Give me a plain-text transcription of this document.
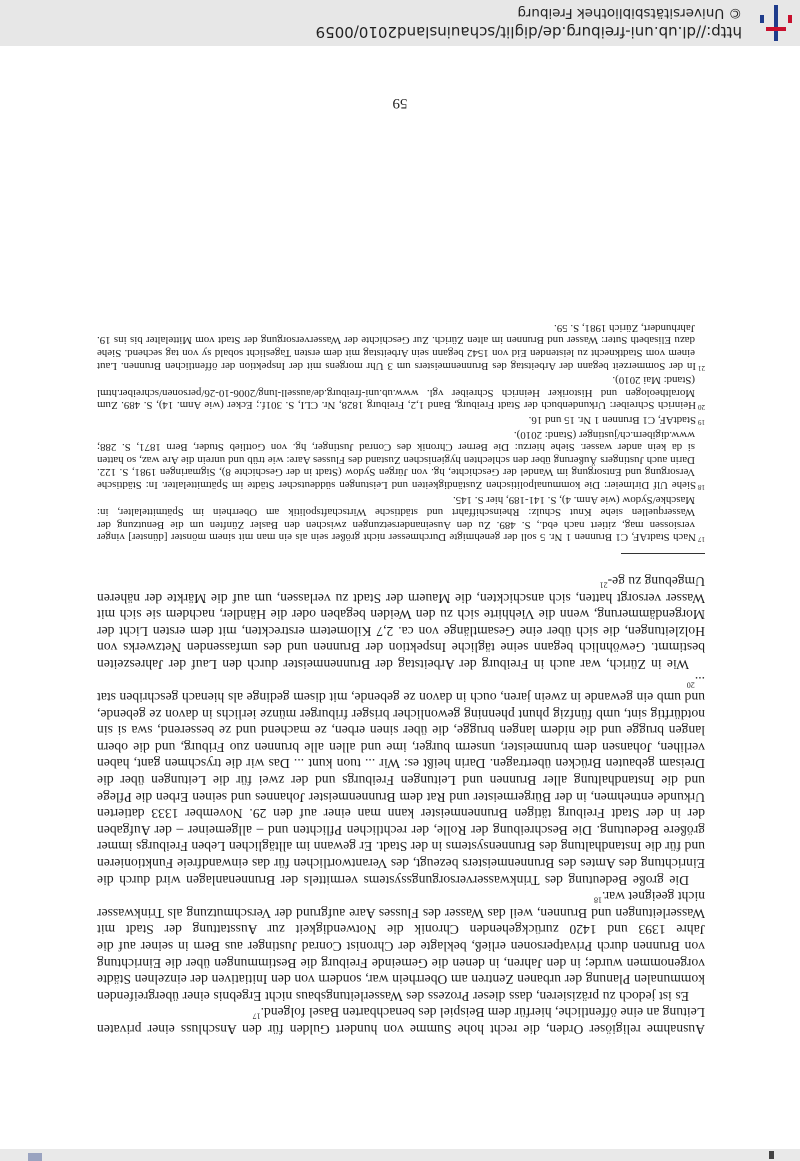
Ausnahme religiöser Orden, die recht hohe Summe von hundert Gulden für den Anschluss einer privaten Leitung an eine öffentliche, hierfür dem Beispiel des benachbarten Basel folgend.$^{17}$

Es ist jedoch zu präzisieren, dass dieser Prozess des Wasserleitungsbaus nicht Ergebnis einer übergreifenden kommunalen Planung der urbanen Zentren am Oberrhein war, sondern von den Initiativen der einzelnen Städte vorgenommen wurde; in den Jahren, in denen die Gemeinde Freiburg die Bestimmungen über die Einrichtung von Brunnen durch Privatpersonen erließ, beklagte der Chronist Conrad Justinger aus Bern in seiner auf die Jahre 1393 und 1420 zurückgehenden Chronik die Notwendigkeit zur Ausstattung der Stadt mit Wasserleitungen und Brunnen, weil das Wasser des Flusses Aare aufgrund der Verschmutzung als Trinkwasser nicht geeignet war.$^{18}$

Die große Bedeutung des Trinkwasserversorgungssystems vermittels der Brunnenanlagen wird durch die Einrichtung des Amtes des Brunnenmeisters bezeugt, des Verantwortlichen für das einwandfreie Funktionieren und für die Instandhaltung des Brunnensystems in der Stadt. Er gewann im alltäglichen Leben Freiburgs immer größere Bedeutung. Die Beschreibung der Rolle, der rechtlichen Pflichten und – allgemeiner – der Aufgaben der in der Stadt Freiburg tätigen Brunnenmeister kann man einer auf den 29. November 1333 datierten Urkunde entnehmen, in der Bürgermeister und Rat dem Brunnenmeister Johannes und seinen Erben die Pflege und die Instandhaltung aller Brunnen und Leitungen Freiburgs und der zwei für die Leitungen über die Dreisam gebauten Brücken übertragen. Darin heißt es: Wir ... tuon kunt ... Das wir die tryschmen gant, haben verlihen, Johansen dem brunmeister, unserm burger, ime und allen alle brunnen zuo Friburg, und die obern langen brugge und die nidern langen brugge, die über sinen erben, ze machend und ze besserend, swa si sin notdürftig sint, umb fünfzig phunt phenning gewonlicher brisger friburger münze ierlichs in davon ze gebende, und umb ein gewande in zwein jaren, ouch in davon ze gebende, mit disem gedinge als hienach geschriben stat ...$^{20}$

Wie in Zürich, war auch in Freiburg der Arbeitstag der Brunnenmeister durch den Lauf der Jahreszeiten bestimmt. Gewöhnlich begann seine tägliche Inspektion der Brunnen und des umfassenden Netzwerks von Holzleitungen, die sich über eine Gesamtlänge von ca. 2,7 Kilometern erstreckten, mit dem ersten Licht der Morgendämmerung, wenn die Viehhirte sich zu den Weiden begaben oder die Händler, nachdem sie sich mit Wasser versorgt hatten, sich anschickten, die Mauern der Stadt zu verlassen, um auf die Märkte der näheren Umgebung zu ge-$^{21}$

$^{17}$Nach StadtAF, C1 Brunnen 1 Nr. 5 soll der genehmigte Durchmesser nicht größer sein als ein man mit sinem mönster [dünster] vinger versiossen mag, zitiert nach ebd., S. 489. Zu den Auseinandersetzungen zwischen den Basler Zünften um die Benutzung der Wasserquellen siehe Knut Schulz: Rheinschiffahrt und städtische Wirtschaftspolitik am Oberrhein im Spätmittelalter, in: Maschke/Sydow (wie Anm. 4), S. 141-189, hier S. 145.

$^{18}$Siehe Ulf Dirlmeier: Die kommunalpolitischen Zuständigkeiten und Leistungen süddeutscher Städte im Spätmittelalter. In: Städtische Versorgung und Entsorgung im Wandel der Geschichte, hg. von Jürgen Sydow (Stadt in der Geschichte 8), Sigmaringen 1981, S. 122. Darin auch Justingers Äußerung über den schlechten hygienischen Zustand des Flusses Aare: wie trüb und unrein die Are waz, so hatten si da kein ander wasser. Siehe hierzu: Die Berner Chronik des Conrad Justinger, hg. von Gottlieb Studer, Bern 1871, S. 288; www.digibern.ch/justinger (Stand: 2010).

$^{19}$StadtAF, C1 Brunnen 1 Nr. 15 und 16.

$^{20}$Heinrich Schreiber: Urkundenbuch der Stadt Freiburg, Band 1,2, Freiburg 1828, Nr. CLI, S. 301f.; Ecker (wie Anm. 14), S. 489. Zum Moraltheologen und Historiker Heinrich Schreiber vgl. www.ub.uni-freiburg.de/aussell-lung/2006-10-26/personen/schreiber.html (Stand: Mai 2010).

$^{21}$In der Sommerzeit begann der Arbeitstag des Brunnenmeisters um 3 Uhr morgens mit der Inspektion der öffentlichen Brunnen. Laut einem vom Stadtknecht zu leistenden Eid von 1542 begann sein Arbeitstag mit dem ersten Tageslicht sobald sy von tag sechend. Siehe dazu Elisabeth Suter: Wasser und Brunnen im alten Zürich. Zur Geschichte der Wasserversorgung der Stadt vom Mittelalter bis ins 19. Jahrhundert, Zürich 1981, S. 59.

59
http://dl.ub.uni-freiburg.de/diglit/schauinsland2010/0059
© Universitätsbibliothek Freiburg
